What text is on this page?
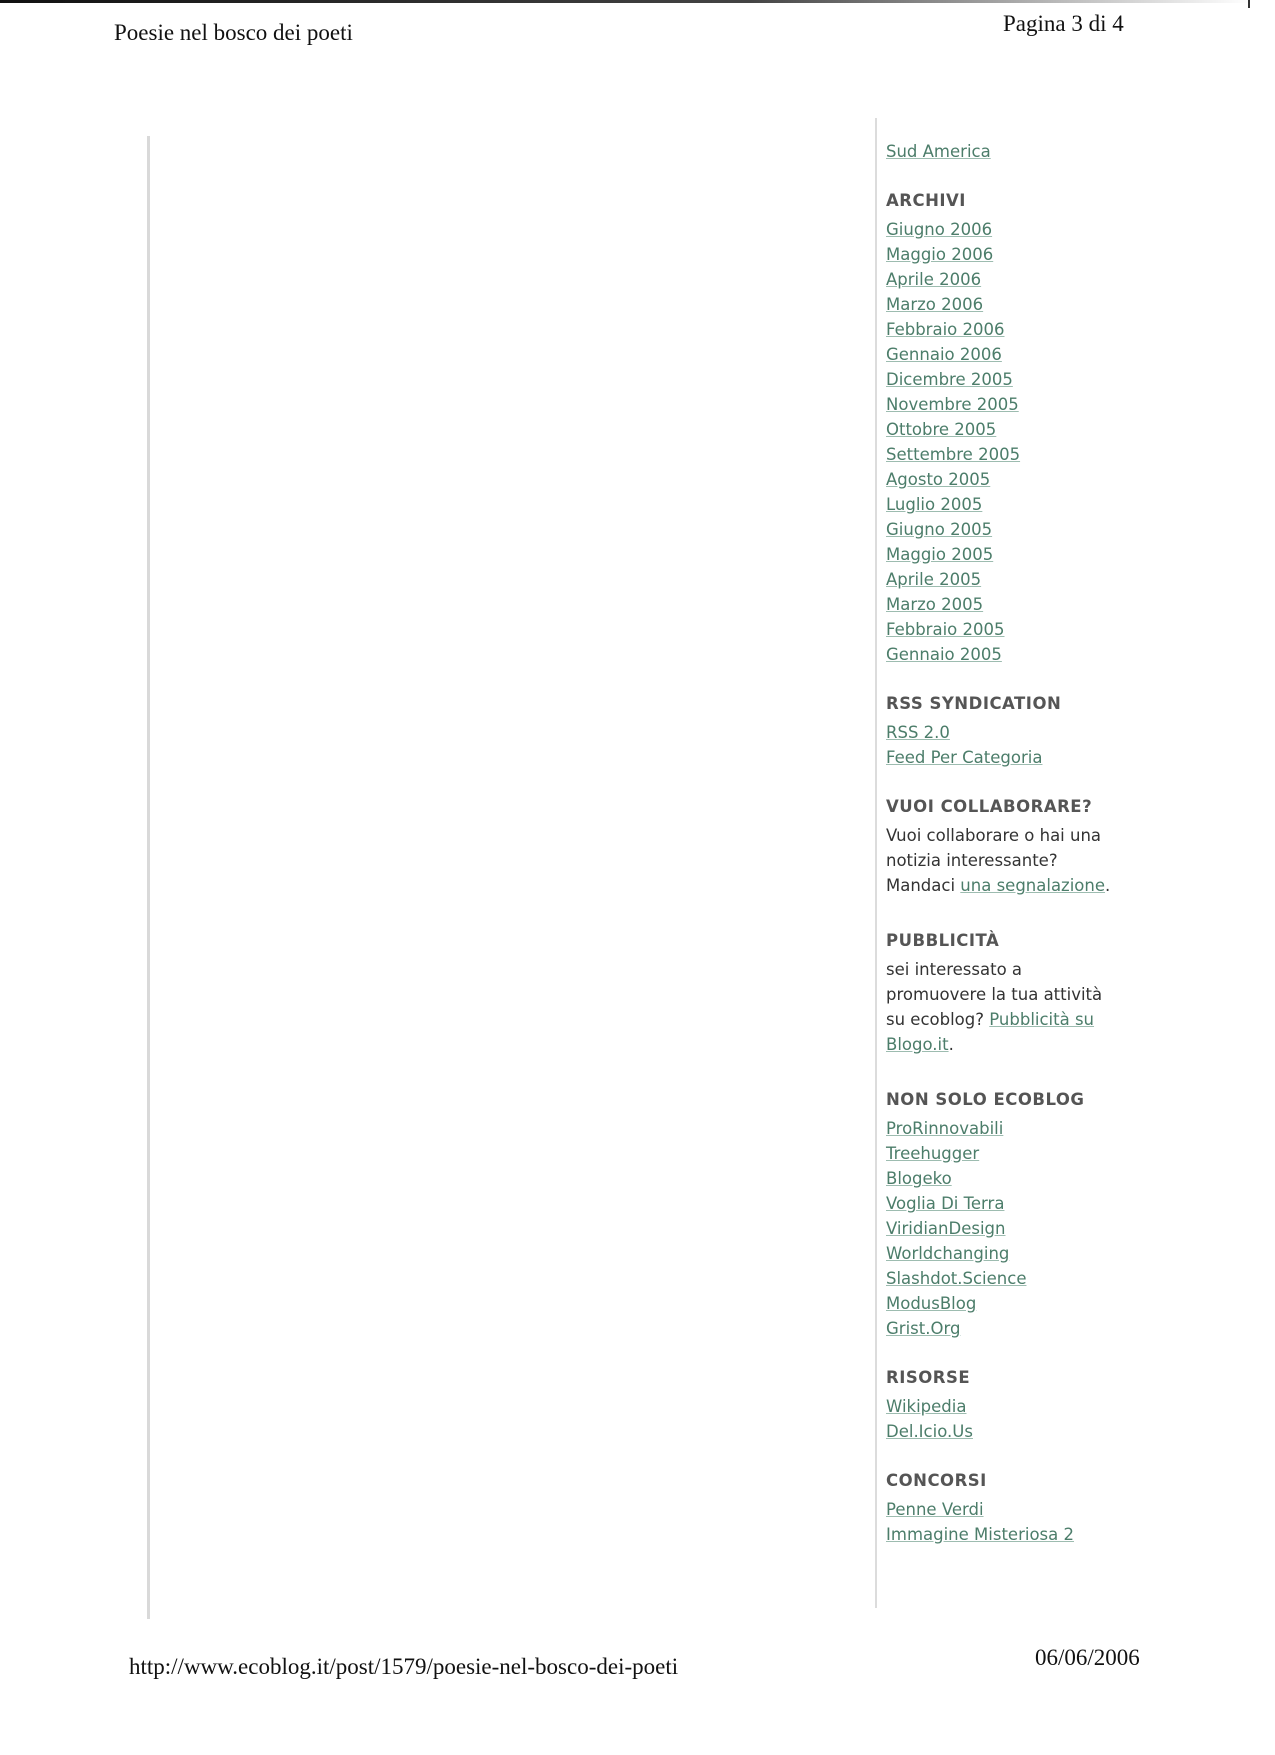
Poesie nel bosco dei poeti	Pagina 3 di 4
Sud America
ARCHIVI
Giugno 2006
Maggio 2006
Aprile 2006
Marzo 2006
Febbraio 2006
Gennaio 2006
Dicembre 2005
Novembre 2005
Ottobre 2005
Settembre 2005
Agosto 2005
Luglio 2005
Giugno 2005
Maggio 2005
Aprile 2005
Marzo 2005
Febbraio 2005
Gennaio 2005
RSS SYNDICATION
RSS 2.0
Feed Per Categoria
VUOI COLLABORARE?
Vuoi collaborare o hai una
notizia interessante?
Mandaci una segnalazione.
PUBBLICITÀ
sei interessato a
promuovere la tua attività
su ecoblog? Pubblicità su
Blogo.it.
NON SOLO ECOBLOG
ProRinnovabili
Treehugger
Blogeko
Voglia Di Terra
ViridianDesign
Worldchanging
Slashdot.Science
ModusBlog
Grist.Org
RISORSE
Wikipedia
Del.Icio.Us
CONCORSI
Penne Verdi
Immagine Misteriosa 2
http://www.ecoblog.it/post/1579/poesie-nel-bosco-dei-poeti	06/06/2006
